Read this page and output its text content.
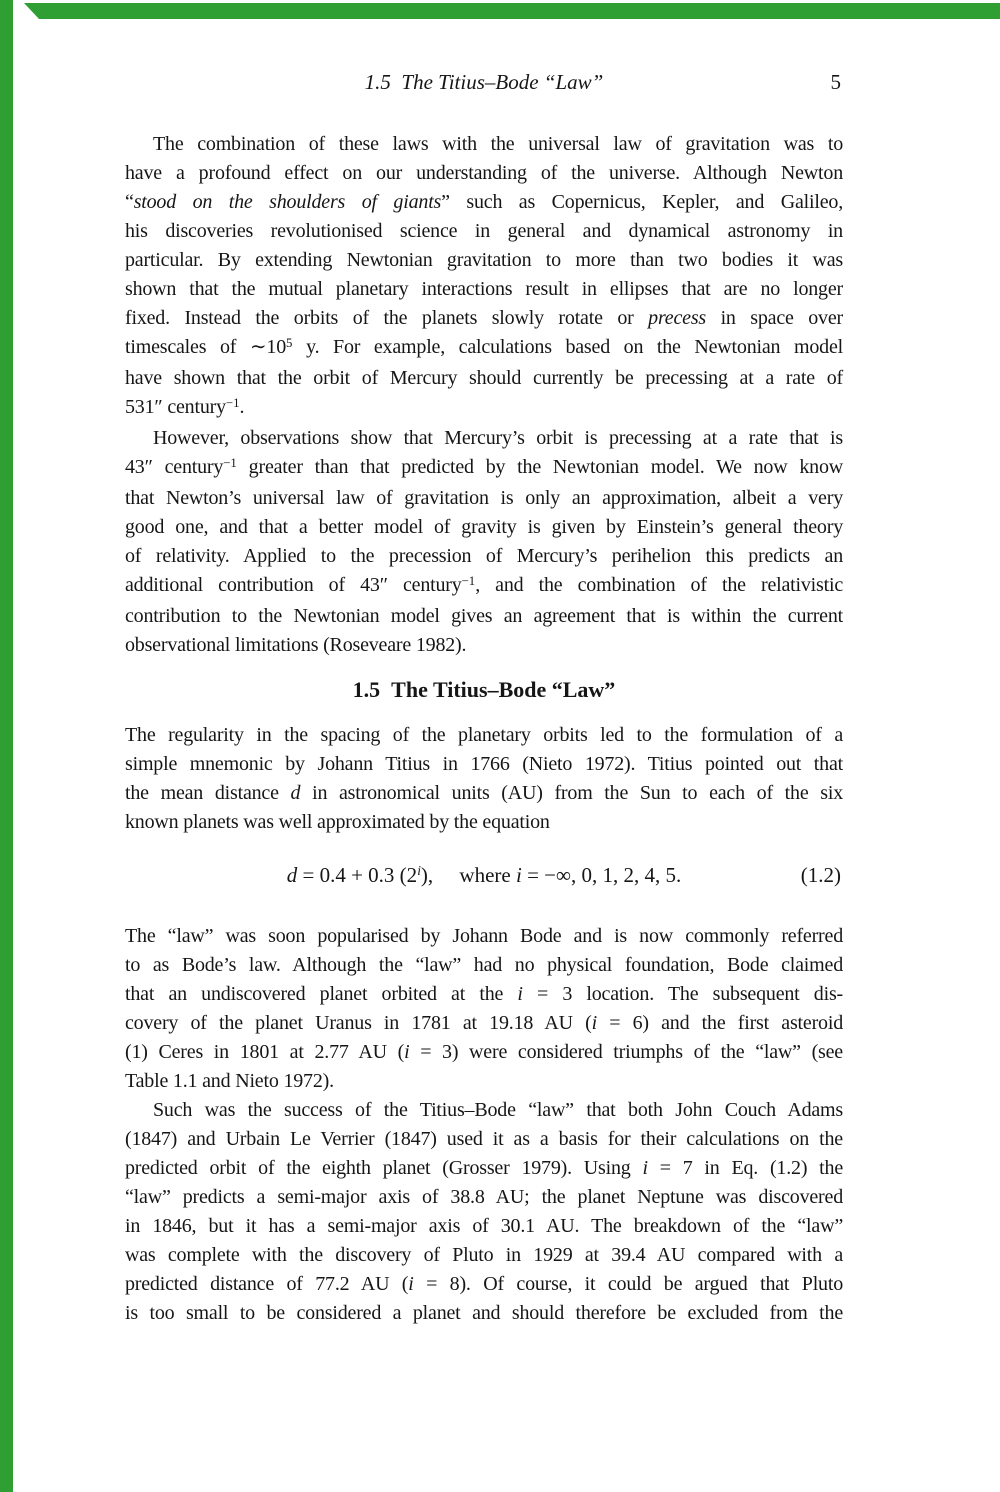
1.5 The Titius–Bode “Law”	5
The combination of these laws with the universal law of gravitation was to
have a profound effect on our understanding of the universe. Although Newton
“stood on the shoulders of giants” such as Copernicus, Kepler, and Galileo,
his discoveries revolutionised science in general and dynamical astronomy in
particular. By extending Newtonian gravitation to more than two bodies it was
shown that the mutual planetary interactions result in ellipses that are no longer
fixed. Instead the orbits of the planets slowly rotate or precess in space over
timescales of $\sim 10^5$ y. For example, calculations based on the Newtonian model
have shown that the orbit of Mercury should currently be precessing at a rate of
531″ century$^{-1}$.
However, observations show that Mercury’s orbit is precessing at a rate that is
43″ century$^{-1}$ greater than that predicted by the Newtonian model. We now know
that Newton’s universal law of gravitation is only an approximation, albeit a very
good one, and that a better model of gravity is given by Einstein’s general theory
of relativity. Applied to the precession of Mercury’s perihelion this predicts an
additional contribution of 43″ century$^{-1}$, and the combination of the relativistic
contribution to the Newtonian model gives an agreement that is within the current
observational limitations (Roseveare 1982).
1.5 The Titius–Bode “Law”
The regularity in the spacing of the planetary orbits led to the formulation of a
simple mnemonic by Johann Titius in 1766 (Nieto 1972). Titius pointed out that
the mean distance d in astronomical units (AU) from the Sun to each of the six
known planets was well approximated by the equation
d = 0.4 + 0.3 (2$^i$),  where i = −∞, 0, 1, 2, 4, 5.	(1.2)
The “law” was soon popularised by Johann Bode and is now commonly referred
to as Bode’s law. Although the “law” had no physical foundation, Bode claimed
that an undiscovered planet orbited at the i = 3 location. The subsequent dis-
covery of the planet Uranus in 1781 at 19.18 AU (i = 6) and the first asteroid
(1) Ceres in 1801 at 2.77 AU (i = 3) were considered triumphs of the “law” (see
Table 1.1 and Nieto 1972).
Such was the success of the Titius–Bode “law” that both John Couch Adams
(1847) and Urbain Le Verrier (1847) used it as a basis for their calculations on the
predicted orbit of the eighth planet (Grosser 1979). Using i = 7 in Eq. (1.2) the
“law” predicts a semi-major axis of 38.8 AU; the planet Neptune was discovered
in 1846, but it has a semi-major axis of 30.1 AU. The breakdown of the “law”
was complete with the discovery of Pluto in 1929 at 39.4 AU compared with a
predicted distance of 77.2 AU (i = 8). Of course, it could be argued that Pluto
is too small to be considered a planet and should therefore be excluded from the
